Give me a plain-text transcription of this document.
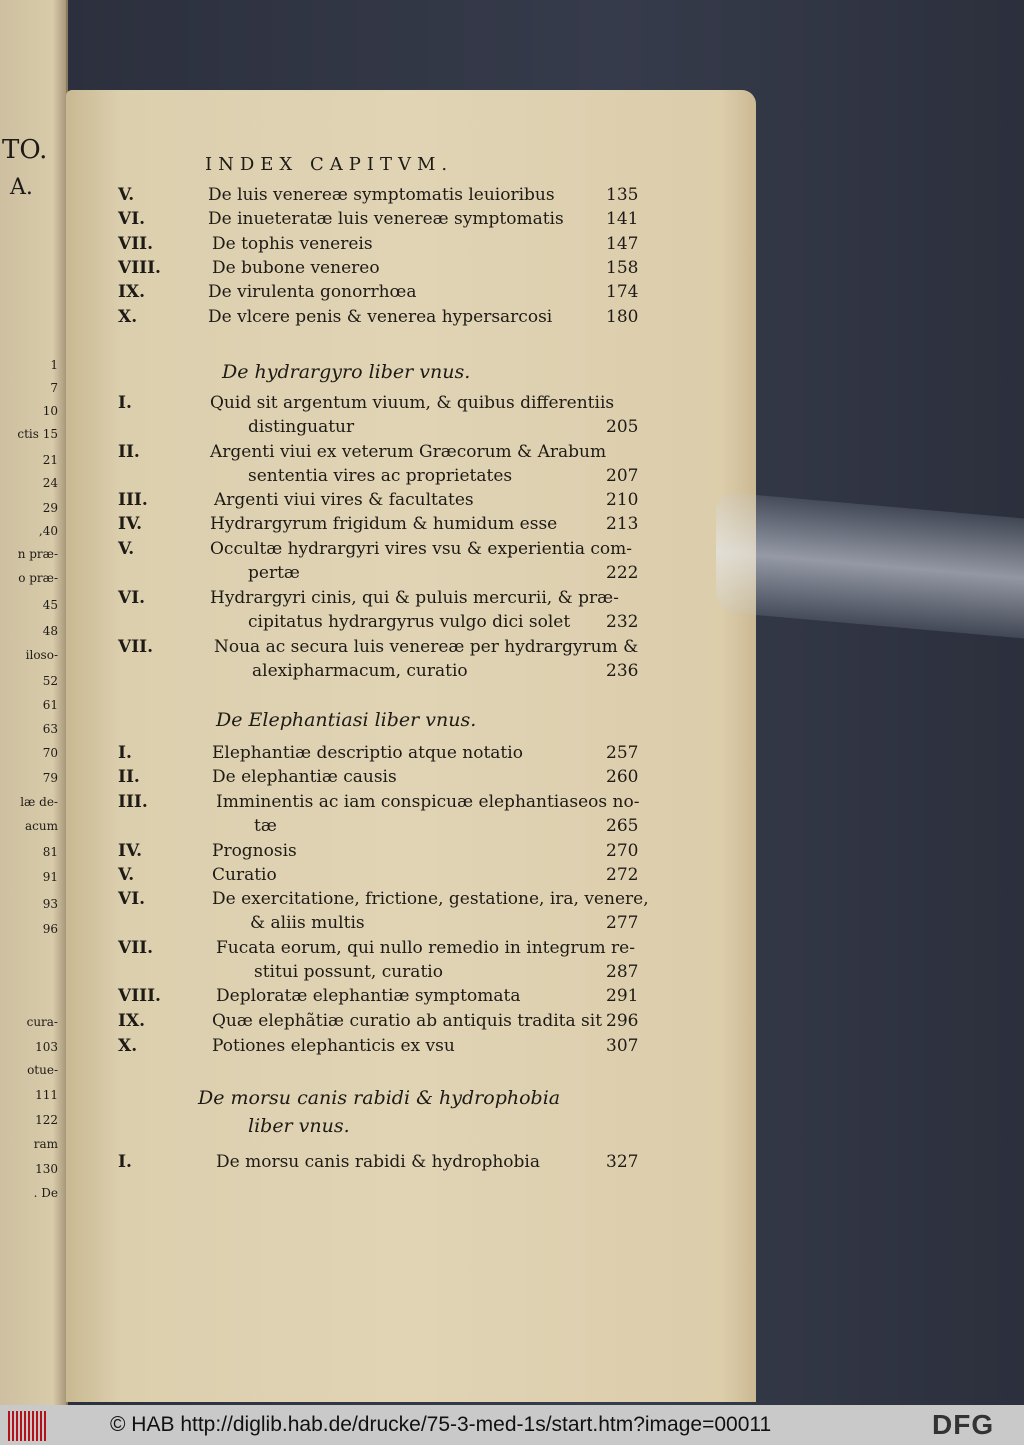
© HAB http://diglib.hab.de/drucke/75-3-med-1s/start.htm?image=00011	DFG
TO.
A.
1
7
10
ctis 15
21
24
29
,40
n præ-
o præ-
45
48
iloso-
52
61
63
70
79
læ de-
acum
81
91
93
96
cura-
103
otue-
111
122
ram
130
. De
INDEX CAPITVM.
V.	De luis venereæ symptomatis leuioribus	135
VI.	De inueteratæ luis venereæ symptomatis 141
VII.	De tophis venereis	147
VIII.	De bubone venereo	158
IX.	De virulenta gonorrhœa	174
X.	De vlcere penis & venerea hypersarcosi	180
De hydrargyro liber vnus.
I.	Quid sit argentum viuum, & quibus differentiis
distinguatur	205
II.	Argenti viui ex veterum Græcorum & Arabum
sententia vires ac proprietates	207
III.	Argenti viui vires & facultates	210
IV.	Hydrargyrum frigidum & humidum esse	213
V.	Occultæ hydrargyri vires vsu & experientia com-
pertæ	222
VI.	Hydrargyri cinis, qui & puluis mercurii, & præ-
cipitatus hydrargyrus vulgo dici solet 232
VII.	Noua ac secura luis venereæ per hydrargyrum &
alexipharmacum, curatio	236
De Elephantiasi liber vnus.
I.	Elephantiæ descriptio atque notatio	257
II.	De elephantiæ causis	260
III.	Imminentis ac iam conspicuæ elephantiaseos no-
tæ	265
IV.	Prognosis	270
V.	Curatio	272
VI.	De exercitatione, frictione, gestatione, ira, venere,
& aliis multis	277
VII.	Fucata eorum, qui nullo remedio in integrum re-
stitui possunt, curatio	287
VIII.	Deploratæ elephantiæ symptomata	291
IX.	Quæ elephãtiæ curatio ab antiquis tradita sit 296
X.	Potiones elephanticis ex vsu	307
De morsu canis rabidi & hydrophobia
liber vnus.
I.	De morsu canis rabidi & hydrophobia	327
